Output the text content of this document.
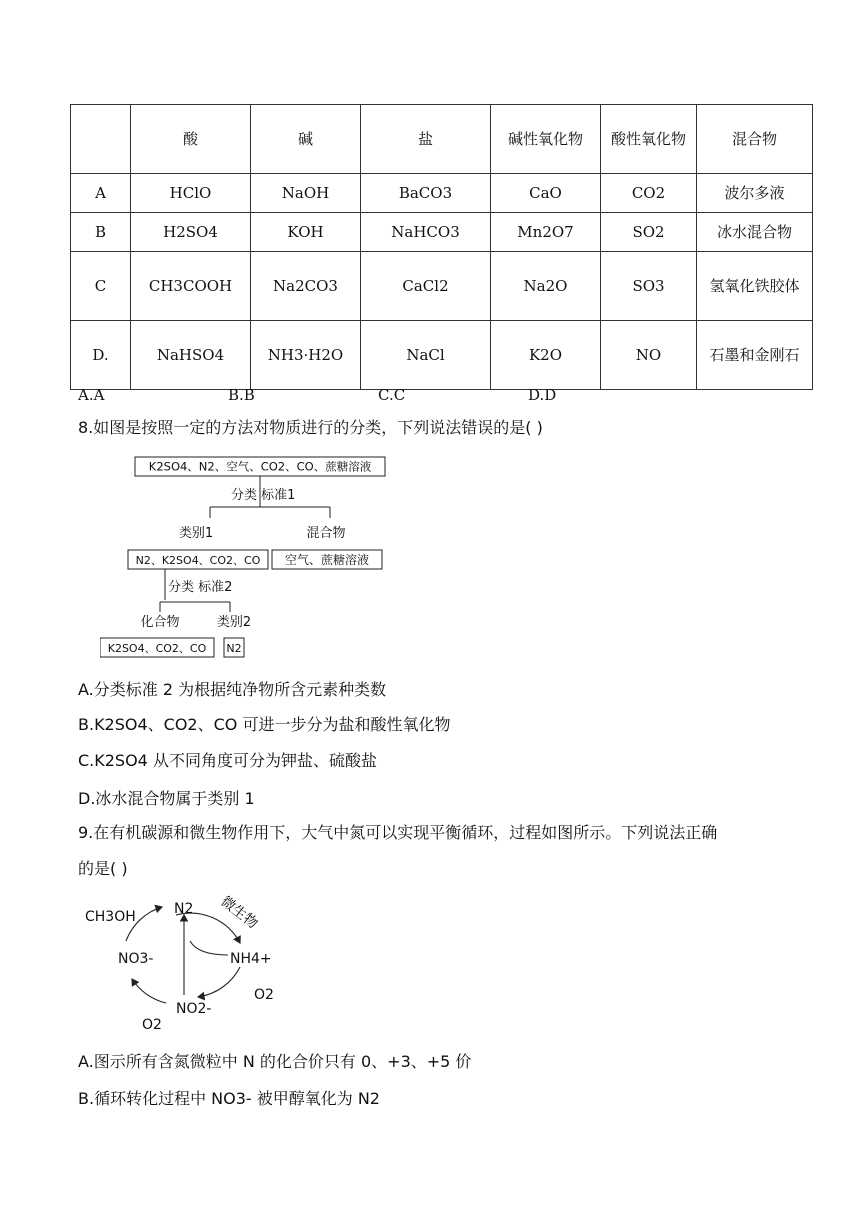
	酸	碱	盐	碱性氧化物	酸性氧化物	混合物
A	HClO	NaOH	BaCO3	CaO	CO2	波尔多液
B	H2SO4	KOH	NaHCO3	Mn2O7	SO2	冰水混合物
C	CH3COOH	Na2CO3	CaCl2	Na2O	SO3	氢氧化铁胶体
D.	NaHSO4	NH3·H2O	NaCl	K2O	NO	石墨和金刚石
A.A	B.B	C.C	D.D
8.如图是按照一定的方法对物质进行的分类，下列说法错误的是( )
K2SO4、N2、空气、CO2、CO、蔗糖溶液
分类 标准1
类别1	混合物
N2、K2SO4、CO2、CO 空气、蔗糖溶液
分类 标准2
化合物	类别2
K2SO4、CO2、CO N2
A.分类标准 2 为根据纯净物所含元素种类数
B.K2SO4、CO2、CO 可进一步分为盐和酸性氧化物
C.K2SO4 从不同角度可分为钾盐、硫酸盐
D.冰水混合物属于类别 1
9.在有机碳源和微生物作用下，大气中氮可以实现平衡循环，过程如图所示。下列说法正确
的是( )
CH3OH	N2 微生物
NO3-	NH4+
O2
NO2-
O2
A.图示所有含氮微粒中 N 的化合价只有 0、+3、+5 价
B.循环转化过程中 NO3- 被甲醇氧化为 N2
